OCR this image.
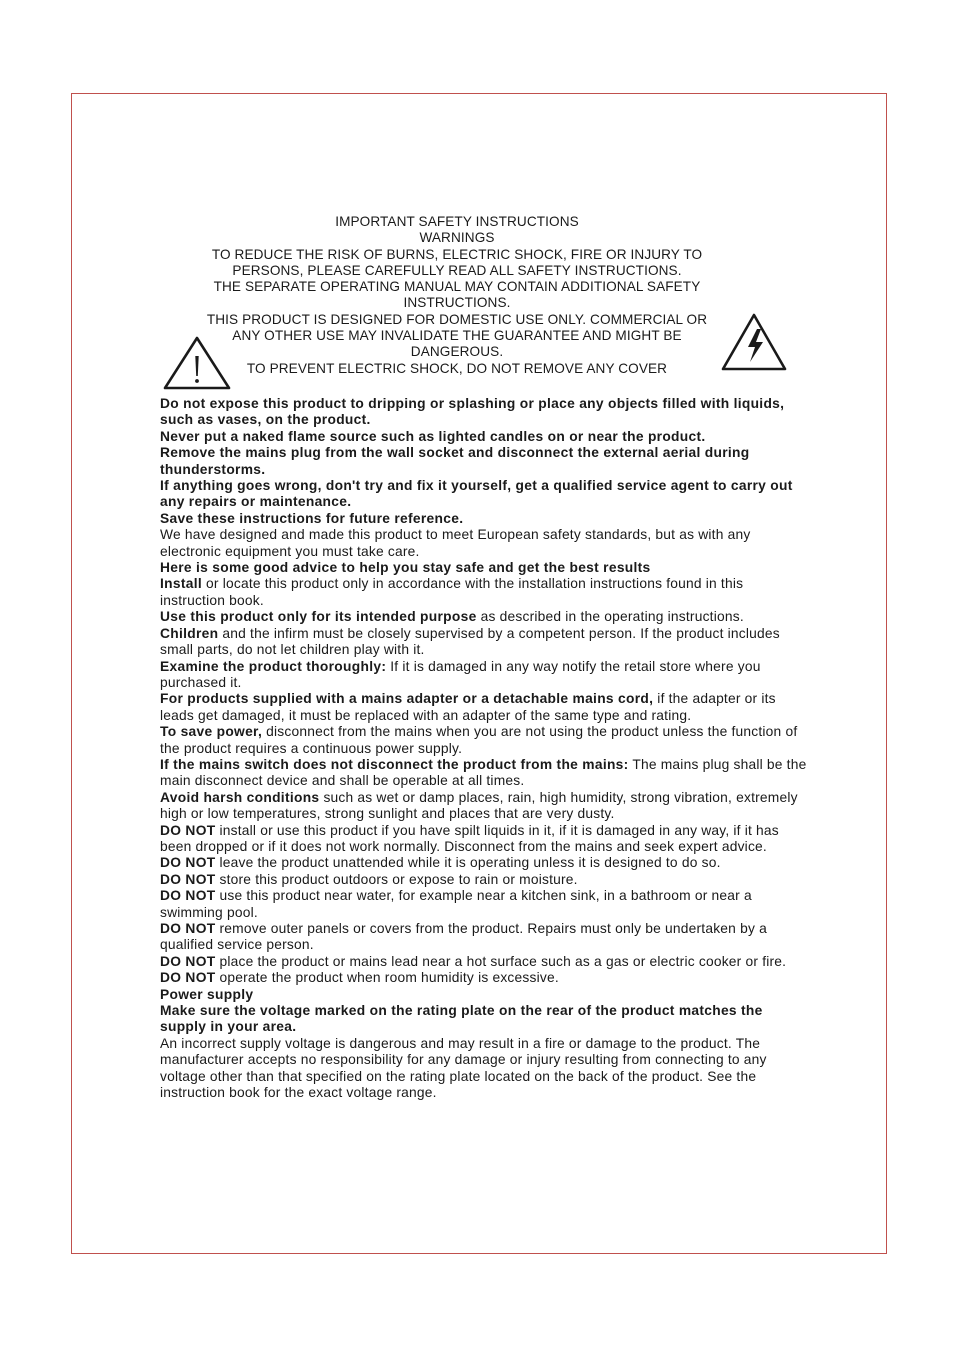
IMPORTANT SAFETY INSTRUCTIONS
WARNINGS
TO REDUCE THE RISK OF BURNS, ELECTRIC SHOCK, FIRE OR INJURY TO
PERSONS, PLEASE CAREFULLY READ ALL SAFETY INSTRUCTIONS.
THE SEPARATE OPERATING MANUAL MAY CONTAIN ADDITIONAL SAFETY
INSTRUCTIONS.
THIS PRODUCT IS DESIGNED FOR DOMESTIC USE ONLY. COMMERCIAL OR
ANY OTHER USE MAY INVALIDATE THE GUARANTEE AND MIGHT BE
DANGEROUS.
TO PREVENT ELECTRIC SHOCK, DO NOT REMOVE ANY COVER

Do not expose this product to dripping or splashing or place any objects filled with liquids, such as vases, on the product.

Never put a naked flame source such as lighted candles on or near the product.

Remove the mains plug from the wall socket and disconnect the external aerial during thunderstorms.

If anything goes wrong, don't try and fix it yourself, get a qualified service agent to carry out any repairs or maintenance.

Save these instructions for future reference.

We have designed and made this product to meet European safety standards, but as with any electronic equipment you must take care.

Here is some good advice to help you stay safe and get the best results

Install or locate this product only in accordance with the installation instructions found in this instruction book.

Use this product only for its intended purpose as described in the operating instructions.

Children and the infirm must be closely supervised by a competent person. If the product includes small parts, do not let children play with it.

Examine the product thoroughly: If it is damaged in any way notify the retail store where you purchased it.

For products supplied with a mains adapter or a detachable mains cord, if the adapter or its leads get damaged, it must be replaced with an adapter of the same type and rating.

To save power, disconnect from the mains when you are not using the product unless the function of the product requires a continuous power supply.

If the mains switch does not disconnect the product from the mains: The mains plug shall be the main disconnect device and shall be operable at all times.

Avoid harsh conditions such as wet or damp places, rain, high humidity, strong vibration, extremely high or low temperatures, strong sunlight and places that are very dusty.

DO NOT install or use this product if you have spilt liquids in it, if it is damaged in any way, if it has been dropped or if it does not work normally. Disconnect from the mains and seek expert advice.

DO NOT leave the product unattended while it is operating unless it is designed to do so.

DO NOT store this product outdoors or expose to rain or moisture.

DO NOT use this product near water, for example near a kitchen sink, in a bathroom or near a swimming pool.

DO NOT remove outer panels or covers from the product. Repairs must only be undertaken by a qualified service person.

DO NOT place the product or mains lead near a hot surface such as a gas or electric cooker or fire.

DO NOT operate the product when room humidity is excessive.

Power supply

Make sure the voltage marked on the rating plate on the rear of the product matches the supply in your area.

An incorrect supply voltage is dangerous and may result in a fire or damage to the product. The manufacturer accepts no responsibility for any damage or injury resulting from connecting to any voltage other than that specified on the rating plate located on the back of the product. See the instruction book for the exact voltage range.
